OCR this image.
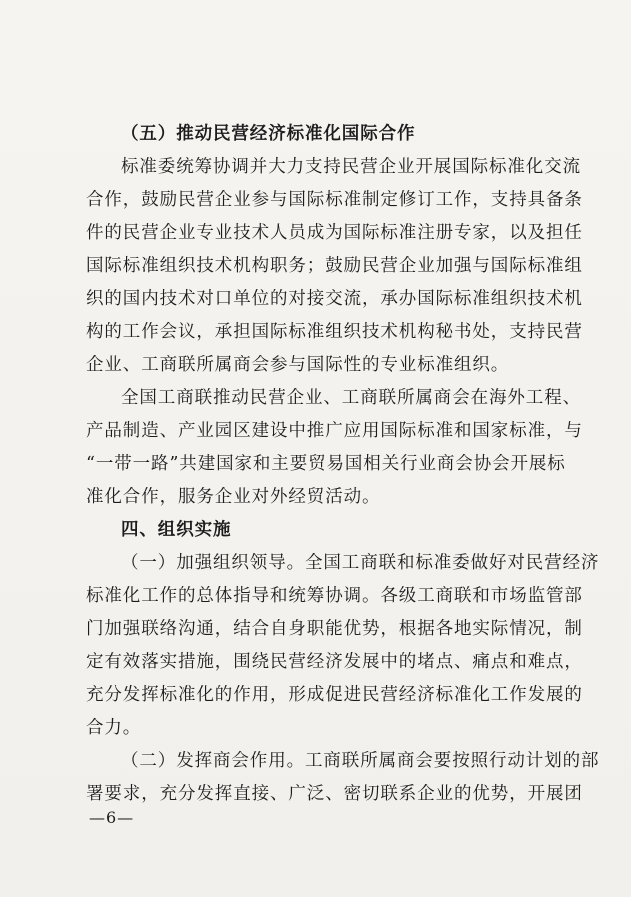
（五）推动民营经济标准化国际合作
标准委统筹协调并大力支持民营企业开展国际标准化交流
合作，鼓励民营企业参与国际标准制定修订工作，支持具备条
件的民营企业专业技术人员成为国际标准注册专家，以及担任
国际标准组织技术机构职务；鼓励民营企业加强与国际标准组
织的国内技术对口单位的对接交流，承办国际标准组织技术机
构的工作会议，承担国际标准组织技术机构秘书处，支持民营
企业、工商联所属商会参与国际性的专业标准组织。
全国工商联推动民营企业、工商联所属商会在海外工程、
产品制造、产业园区建设中推广应用国际标准和国家标准，与
“一带一路”共建国家和主要贸易国相关行业商会协会开展标
准化合作，服务企业对外经贸活动。
四、组织实施
（一）加强组织领导。全国工商联和标准委做好对民营经济
标准化工作的总体指导和统筹协调。各级工商联和市场监管部
门加强联络沟通，结合自身职能优势，根据各地实际情况，制
定有效落实措施，围绕民营经济发展中的堵点、痛点和难点，
充分发挥标准化的作用，形成促进民营经济标准化工作发展的
合力。
（二）发挥商会作用。工商联所属商会要按照行动计划的部
署要求，充分发挥直接、广泛、密切联系企业的优势，开展团
—6—
